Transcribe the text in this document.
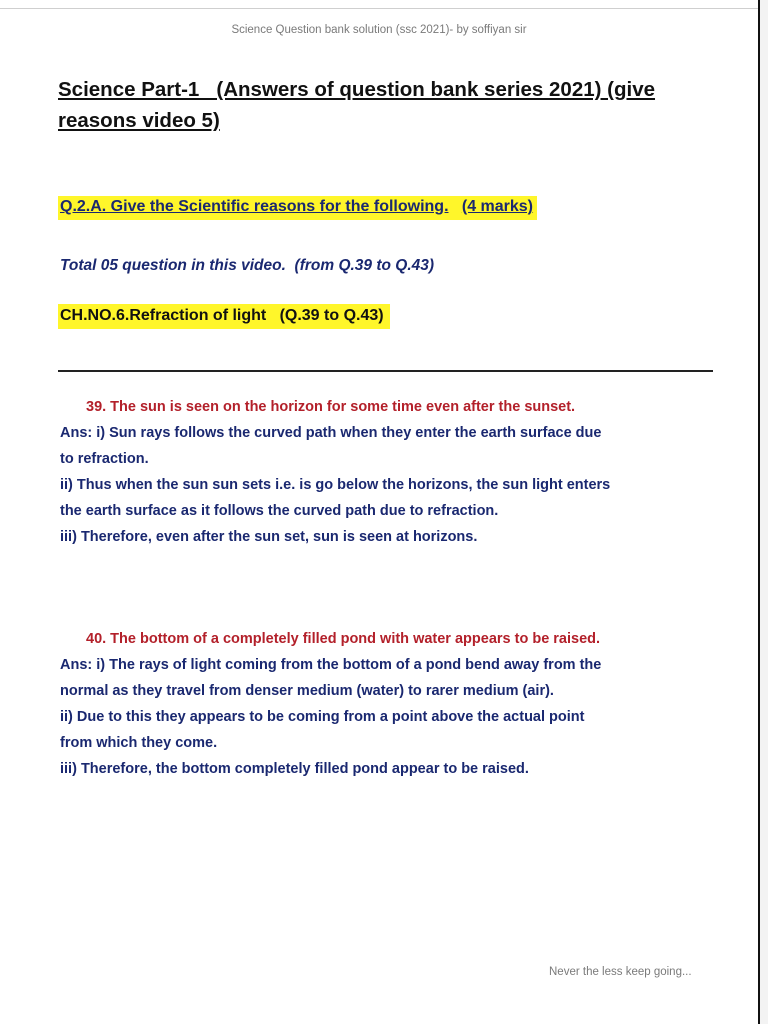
Science Question bank solution (ssc 2021)- by soffiyan sir
Science Part-1   (Answers of question bank series 2021) (give
reasons video 5)
Q.2.A. Give the Scientific reasons for the following. (4 marks)
Total 05 question in this video.  (from Q.39 to Q.43)
CH.NO.6.Refraction of light   (Q.39 to Q.43)
39. The sun is seen on the horizon for some time even after the sunset.

Ans: i) Sun rays follows the curved path when they enter the earth surface due

to refraction.

ii) Thus when the sun sun sets i.e. is go below the horizons, the sun light enters

the earth surface as it follows the curved path due to refraction.

iii) Therefore, even after the sun set, sun is seen at horizons.

40. The bottom of a completely filled pond with water appears to be raised.

Ans: i) The rays of light coming from the bottom of a pond bend away from the

normal as they travel from denser medium (water) to rarer medium (air).

ii) Due to this they appears to be coming from a point above the actual point

from which they come.

iii) Therefore, the bottom completely filled pond appear to be raised.

Never the less keep going...
